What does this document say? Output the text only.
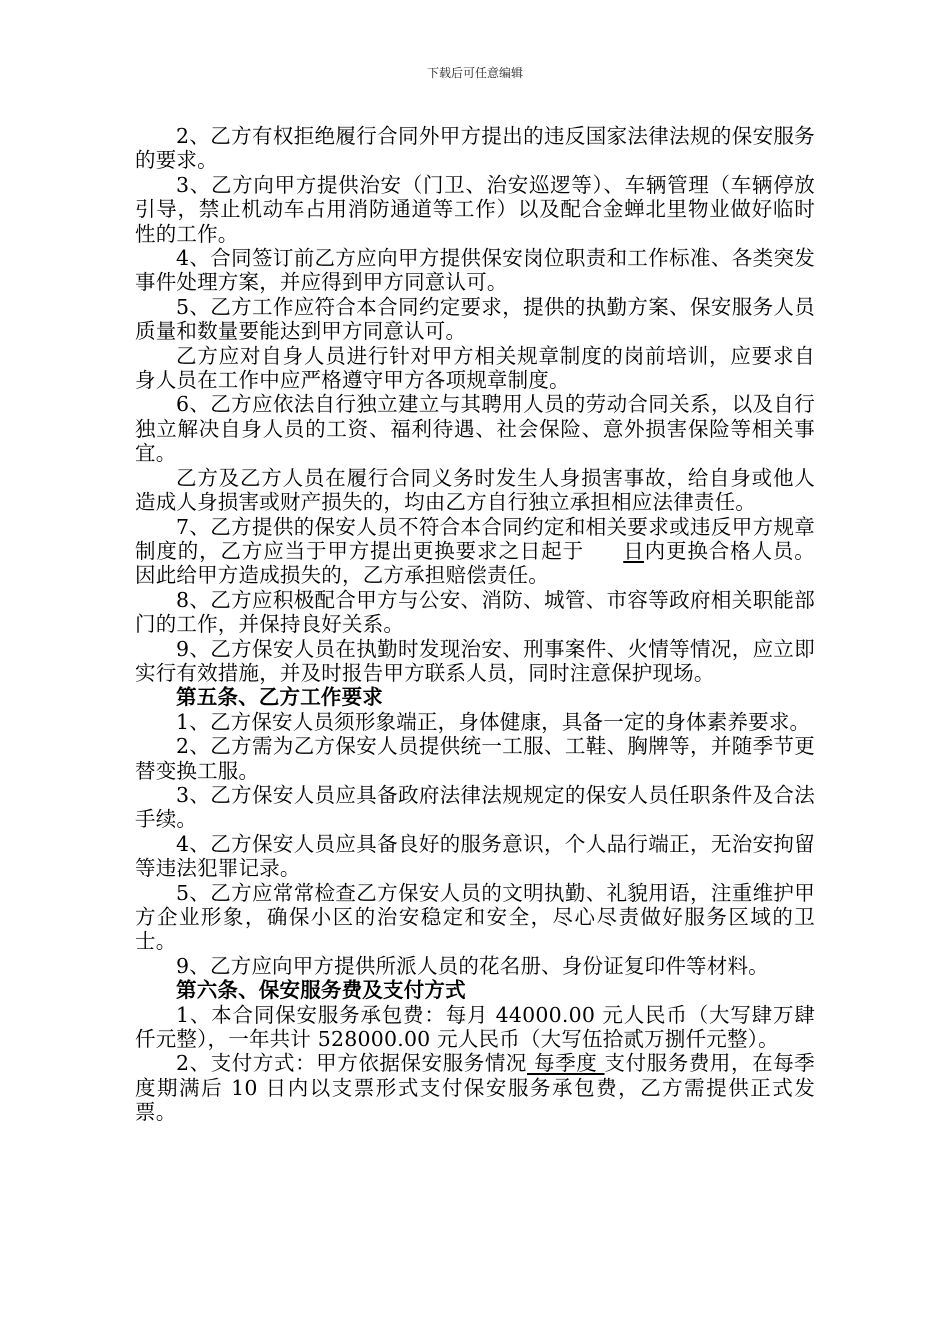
下载后可任意编辑

2、乙方有权拒绝履行合同外甲方提出的违反国家法律法规的保安服务的要求。

3、乙方向甲方提供治安（门卫、治安巡逻等）、车辆管理（车辆停放引导，禁止机动车占用消防通道等工作）以及配合金蝉北里物业做好临时性的工作。

4、合同签订前乙方应向甲方提供保安岗位职责和工作标准、各类突发事件处理方案，并应得到甲方同意认可。

5、乙方工作应符合本合同约定要求，提供的执勤方案、保安服务人员质量和数量要能达到甲方同意认可。

乙方应对自身人员进行针对甲方相关规章制度的岗前培训，应要求自身人员在工作中应严格遵守甲方各项规章制度。

6、乙方应依法自行独立建立与其聘用人员的劳动合同关系，以及自行独立解决自身人员的工资、福利待遇、社会保险、意外损害保险等相关事宜。

乙方及乙方人员在履行合同义务时发生人身损害事故，给自身或他人造成人身损害或财产损失的，均由乙方自行独立承担相应法律责任。

7、乙方提供的保安人员不符合本合同约定和相关要求或违反甲方规章制度的，乙方应当于甲方提出更换要求之日起于 日内更换合格人员。因此给甲方造成损失的，乙方承担赔偿责任。

8、乙方应积极配合甲方与公安、消防、城管、市容等政府相关职能部门的工作，并保持良好关系。

9、乙方保安人员在执勤时发现治安、刑事案件、火情等情况，应立即实行有效措施，并及时报告甲方联系人员，同时注意保护现场。

第五条、乙方工作要求

1、乙方保安人员须形象端正，身体健康，具备一定的身体素养要求。

2、乙方需为乙方保安人员提供统一工服、工鞋、胸牌等，并随季节更替变换工服。

3、乙方保安人员应具备政府法律法规规定的保安人员任职条件及合法手续。

4、乙方保安人员应具备良好的服务意识，个人品行端正，无治安拘留等违法犯罪记录。

5、乙方应常常检查乙方保安人员的文明执勤、礼貌用语，注重维护甲方企业形象，确保小区的治安稳定和安全，尽心尽责做好服务区域的卫士。

9、乙方应向甲方提供所派人员的花名册、身份证复印件等材料。

第六条、保安服务费及支付方式

1、本合同保安服务承包费：每月 44000.00 元人民币（大写肆万肆仟元整），一年共计 528000.00 元人民币（大写伍拾贰万捌仟元整）。

2、支付方式：甲方依据保安服务情况 每季度 支付服务费用，在每季度期满后 10 日内以支票形式支付保安服务承包费，乙方需提供正式发票。
